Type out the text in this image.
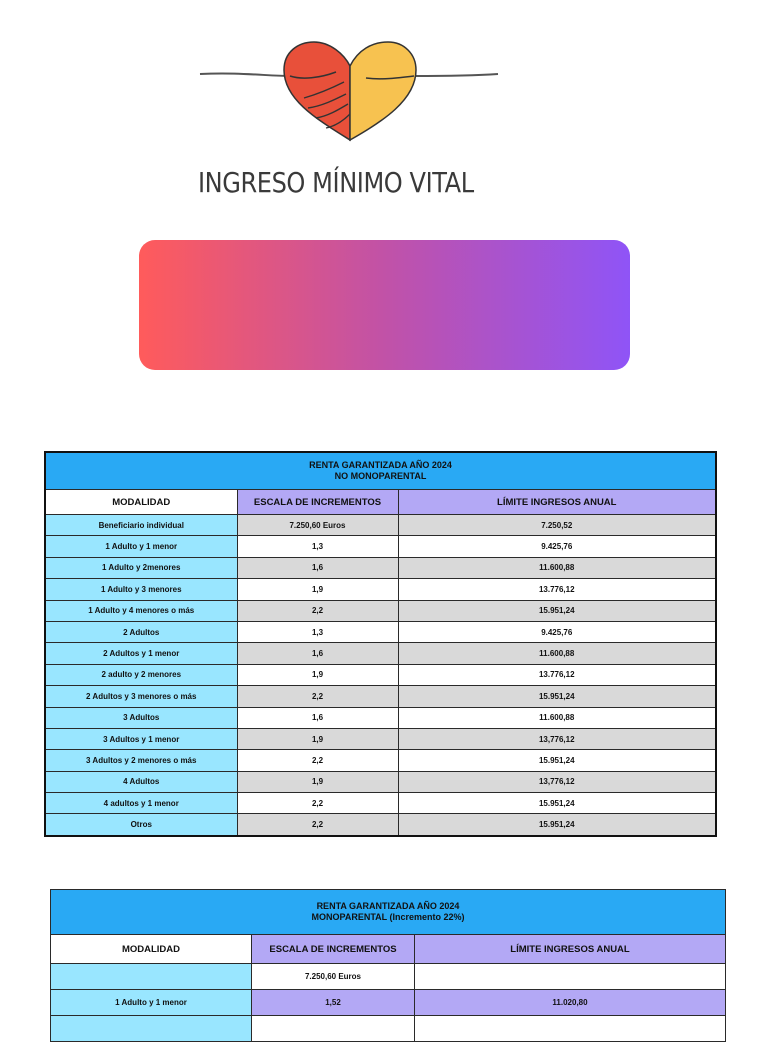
INGRESO MÍNIMO VITAL
RENTA GARANTIZADA AÑO 2024
NO MONOPARENTAL		

MODALIDAD	ESCALA DE INCREMENTOS	LÍMITE INGRESOS ANUAL
Beneficiario individual	7.250,60 Euros	7.250,52
1 Adulto y 1 menor	1,3	9.425,76
1 Adulto y 2menores	1,6	11.600,88
1 Adulto y 3 menores	1,9	13.776,12
1 Adulto y 4 menores o más	2,2	15.951,24
2 Adultos	1,3	9.425,76
2 Adultos y 1 menor	1,6	11.600,88
2 adulto y 2 menores	1,9	13.776,12
2 Adultos y 3 menores o más	2,2	15.951,24
3 Adultos	1,6	11.600,88
3 Adultos y 1 menor	1,9	13,776,12
3 Adultos y 2 menores o más	2,2	15.951,24
4 Adultos	1,9	13,776,12
4 adultos y 1 menor	2,2	15.951,24
Otros	2,2	15.951,24
RENTA GARANTIZADA AÑO 2024
MONOPARENTAL (Incremento 22%)		

MODALIDAD	ESCALA DE INCREMENTOS	LÍMITE INGRESOS ANUAL
	7.250,60 Euros	
1 Adulto y 1 menor	1,52	11.020,80
